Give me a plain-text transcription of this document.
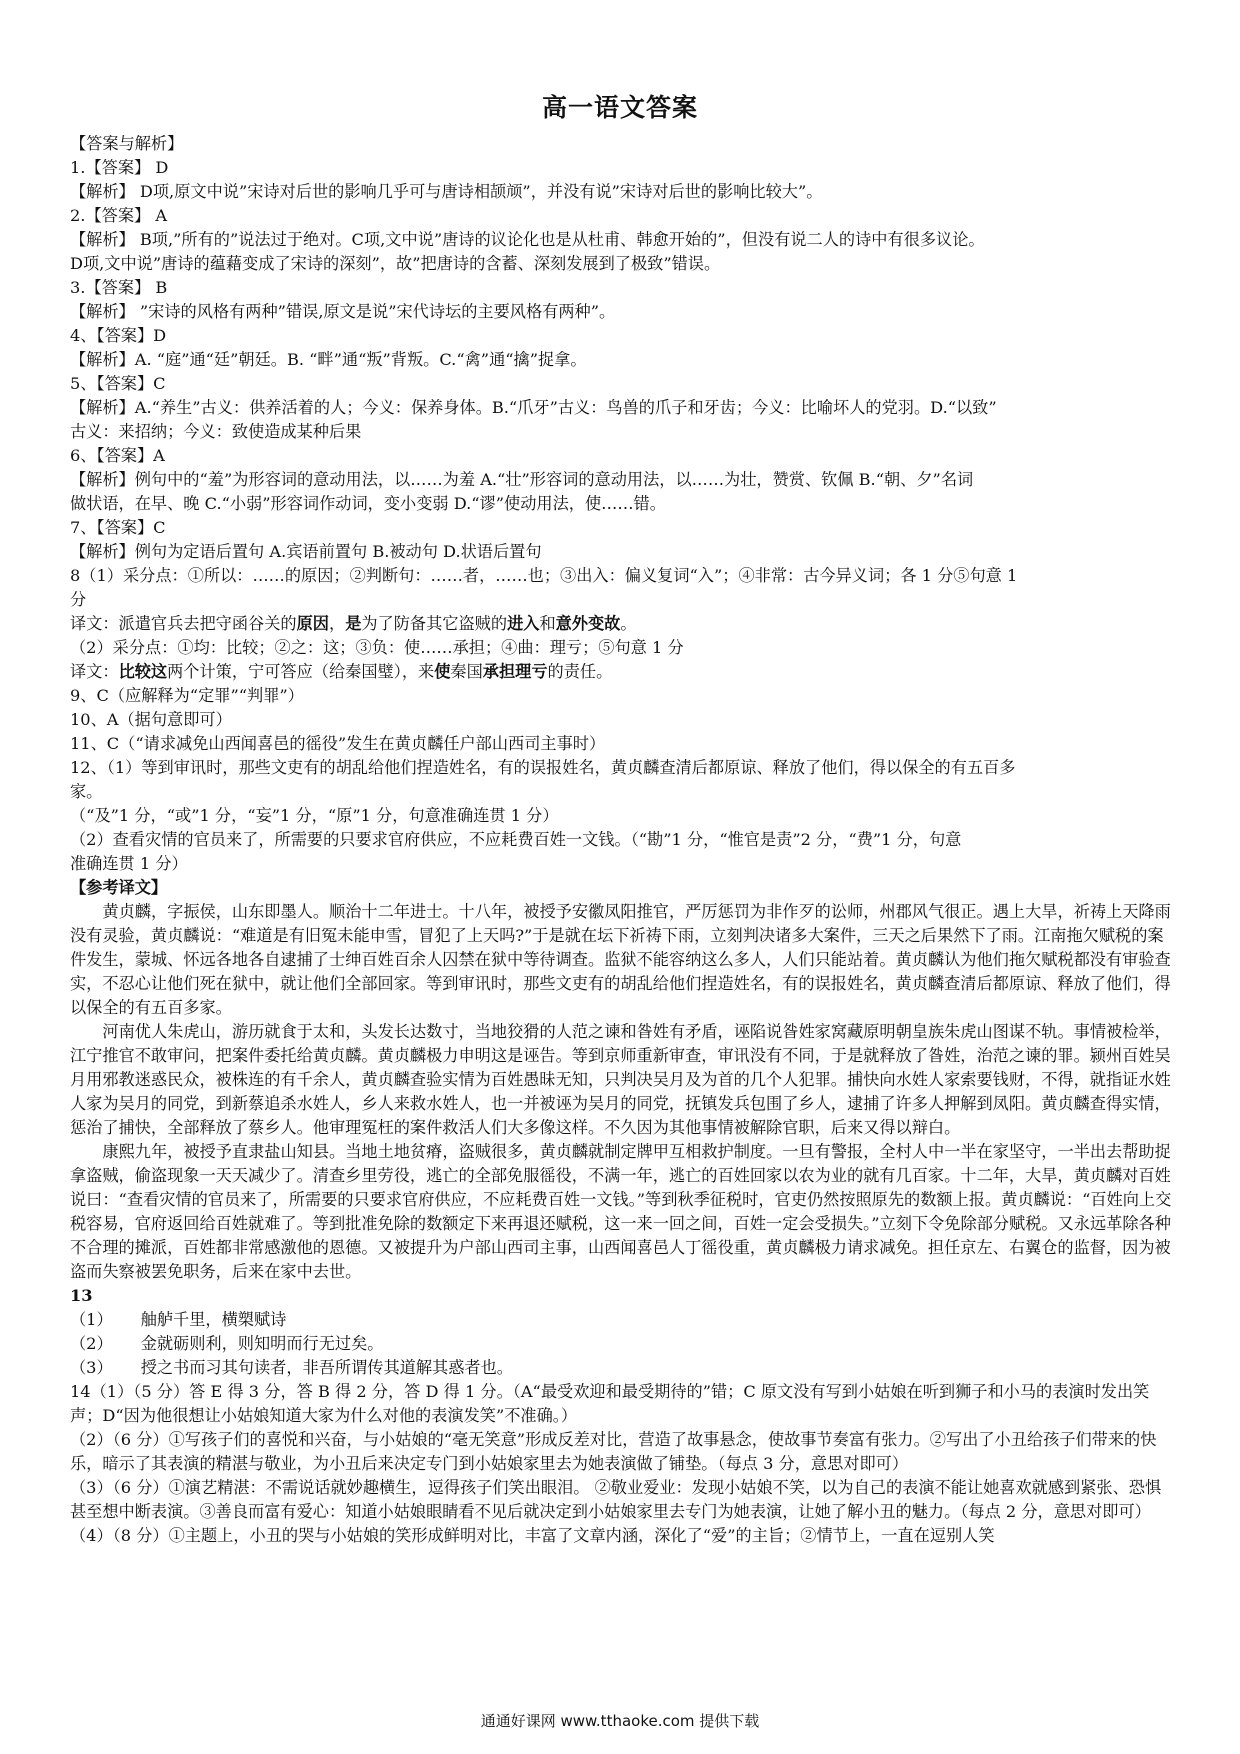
高一语文答案
【答案与解析】
1.【答案】 D
【解析】 D项,原文中说”宋诗对后世的影响几乎可与唐诗相颉颃”，并没有说”宋诗对后世的影响比较大”。
2.【答案】 A
【解析】 B项,”所有的”说法过于绝对。C项,文中说”唐诗的议论化也是从杜甫、韩愈开始的”，但没有说二人的诗中有很多议论。
D项,文中说”唐诗的蕴藉变成了宋诗的深刻”，故”把唐诗的含蓄、深刻发展到了极致”错误。
3.【答案】 B
【解析】 ”宋诗的风格有两种”错误,原文是说”宋代诗坛的主要风格有两种”。
4、【答案】D
【解析】A. “庭”通“廷”朝廷。B. “畔”通“叛”背叛。C.“禽”通“擒”捉拿。
5、【答案】C
【解析】A.“养生”古义：供养活着的人；今义：保养身体。B.“爪牙”古义：鸟兽的爪子和牙齿；今义：比喻坏人的党羽。D.“以致”
古义：来招纳；今义：致使造成某种后果
6、【答案】A
【解析】例句中的“羞”为形容词的意动用法，以……为羞 A.“壮”形容词的意动用法，以……为壮，赞赏、钦佩 B.“朝、夕”名词
做状语，在早、晚 C.“小弱”形容词作动词，变小变弱 D.“谬”使动用法，使……错。
7、【答案】C
【解析】例句为定语后置句 A.宾语前置句 B.被动句 D.状语后置句
8（1）采分点：①所以：……的原因；②判断句：……者，……也；③出入：偏义复词“入”；④非常：古今异义词；各 1 分⑤句意 1
分
译文：派遣官兵去把守函谷关的原因，是为了防备其它盗贼的进入和意外变故。
（2）采分点：①均：比较；②之：这；③负：使……承担；④曲：理亏；⑤句意 1 分
译文：比较这两个计策，宁可答应（给秦国璧），来使秦国承担理亏的责任。
9、C（应解释为“定罪”“判罪”）
10、A（据句意即可）
11、C（“请求减免山西闻喜邑的徭役”发生在黄贞麟任户部山西司主事时）
12、（1）等到审讯时，那些文吏有的胡乱给他们捏造姓名，有的误报姓名，黄贞麟查清后都原谅、释放了他们，得以保全的有五百多
家。
（“及”1 分，“或”1 分，“妄”1 分，“原”1 分，句意准确连贯 1 分）
（2）查看灾情的官员来了，所需要的只要求官府供应，不应耗费百姓一文钱。（“勘”1 分，“惟官是责”2 分，“费”1 分，句意
准确连贯 1 分）
【参考译文】
黄贞麟，字振侯，山东即墨人。顺治十二年进士。十八年，被授予安徽凤阳推官，严厉惩罚为非作歹的讼师，州郡风气很正。遇上大旱，祈祷上天降雨没有灵验，黄贞麟说：“难道是有旧冤未能申雪，冒犯了上天吗?”于是就在坛下祈祷下雨，立刻判决诸多大案件，三天之后果然下了雨。江南拖欠赋税的案件发生，蒙城、怀远各地各自逮捕了士绅百姓百余人囚禁在狱中等待调查。监狱不能容纳这么多人，人们只能站着。黄贞麟认为他们拖欠赋税都没有审验查实，不忍心让他们死在狱中，就让他们全部回家。等到审讯时，那些文吏有的胡乱给他们捏造姓名，有的误报姓名，黄贞麟查清后都原谅、释放了他们，得以保全的有五百多家。
河南优人朱虎山，游历就食于太和，头发长达数寸，当地狡猾的人范之谏和昝姓有矛盾，诬陷说昝姓家窝藏原明朝皇族朱虎山图谋不轨。事情被检举，江宁推官不敢审问，把案件委托给黄贞麟。黄贞麟极力申明这是诬告。等到京师重新审查，审讯没有不同，于是就释放了昝姓，治范之谏的罪。颍州百姓吴月用邪教迷惑民众，被株连的有千余人，黄贞麟查验实情为百姓愚昧无知，只判决吴月及为首的几个人犯罪。捕快向水姓人家索要钱财，不得，就指证水姓人家为吴月的同党，到新蔡追杀水姓人，乡人来救水姓人，也一并被诬为吴月的同党，抚镇发兵包围了乡人，逮捕了许多人押解到凤阳。黄贞麟查得实情，惩治了捕快，全部释放了蔡乡人。他审理冤枉的案件救活人们大多像这样。不久因为其他事情被解除官职，后来又得以辩白。
康熙九年，被授予直隶盐山知县。当地土地贫瘠，盗贼很多，黄贞麟就制定牌甲互相救护制度。一旦有警报，全村人中一半在家坚守，一半出去帮助捉拿盗贼，偷盗现象一天天减少了。清查乡里劳役，逃亡的全部免服徭役，不满一年，逃亡的百姓回家以农为业的就有几百家。十二年，大旱，黄贞麟对百姓说曰：“查看灾情的官员来了，所需要的只要求官府供应，不应耗费百姓一文钱。”等到秋季征税时，官吏仍然按照原先的数额上报。黄贞麟说：“百姓向上交税容易，官府返回给百姓就难了。等到批准免除的数额定下来再退还赋税，这一来一回之间，百姓一定会受损失。”立刻下令免除部分赋税。又永远革除各种不合理的摊派，百姓都非常感激他的恩德。又被提升为户部山西司主事，山西闻喜邑人丁徭役重，黄贞麟极力请求减免。担任京左、右翼仓的监督，因为被盗而失察被罢免职务，后来在家中去世。
13
（1） 舳舻千里，横槊赋诗
（2） 金就砺则利，则知明而行无过矣。
（3） 授之书而习其句读者，非吾所谓传其道解其惑者也。
14（1）（5 分）答 E 得 3 分，答 B 得 2 分，答 D 得 1 分。（A“最受欢迎和最受期待的”错；C 原文没有写到小姑娘在听到狮子和小马的表演时发出笑声；D“因为他很想让小姑娘知道大家为什么对他的表演发笑”不准确。）
（2）（6 分）①写孩子们的喜悦和兴奋，与小姑娘的“毫无笑意”形成反差对比，营造了故事悬念，使故事节奏富有张力。②写出了小丑给孩子们带来的快乐，暗示了其表演的精湛与敬业，为小丑后来决定专门到小姑娘家里去为她表演做了铺垫。（每点 3 分，意思对即可）
（3）（6 分）①演艺精湛：不需说话就妙趣横生，逗得孩子们笑出眼泪。 ②敬业爱业：发现小姑娘不笑，以为自己的表演不能让她喜欢就感到紧张、恐惧甚至想中断表演。③善良而富有爱心：知道小姑娘眼睛看不见后就决定到小姑娘家里去专门为她表演，让她了解小丑的魅力。（每点 2 分，意思对即可）
（4）（8 分）①主题上，小丑的哭与小姑娘的笑形成鲜明对比，丰富了文章内涵，深化了“爱”的主旨；②情节上，一直在逗别人笑
通通好课网 www.tthaoke.com 提供下载
